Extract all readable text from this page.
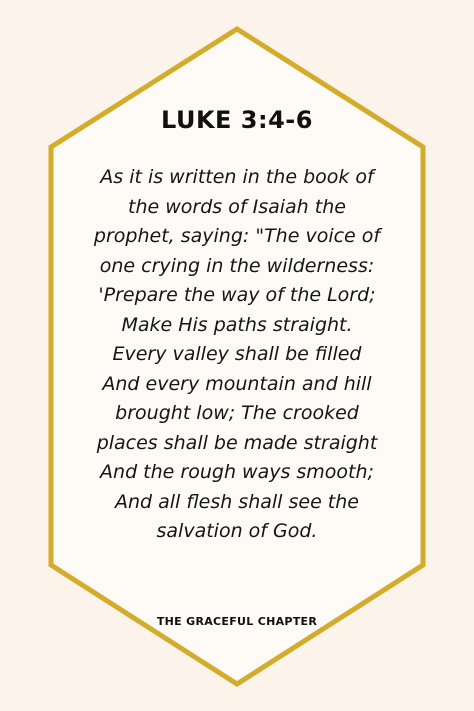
LUKE 3:4-6
As it is written in the book of
the words of Isaiah the
prophet, saying: "The voice of
one crying in the wilderness:
'Prepare the way of the Lord;
Make His paths straight.
Every valley shall be filled
And every mountain and hill
brought low; The crooked
places shall be made straight
And the rough ways smooth;
And all flesh shall see the
salvation of God.
THE GRACEFUL CHAPTER
